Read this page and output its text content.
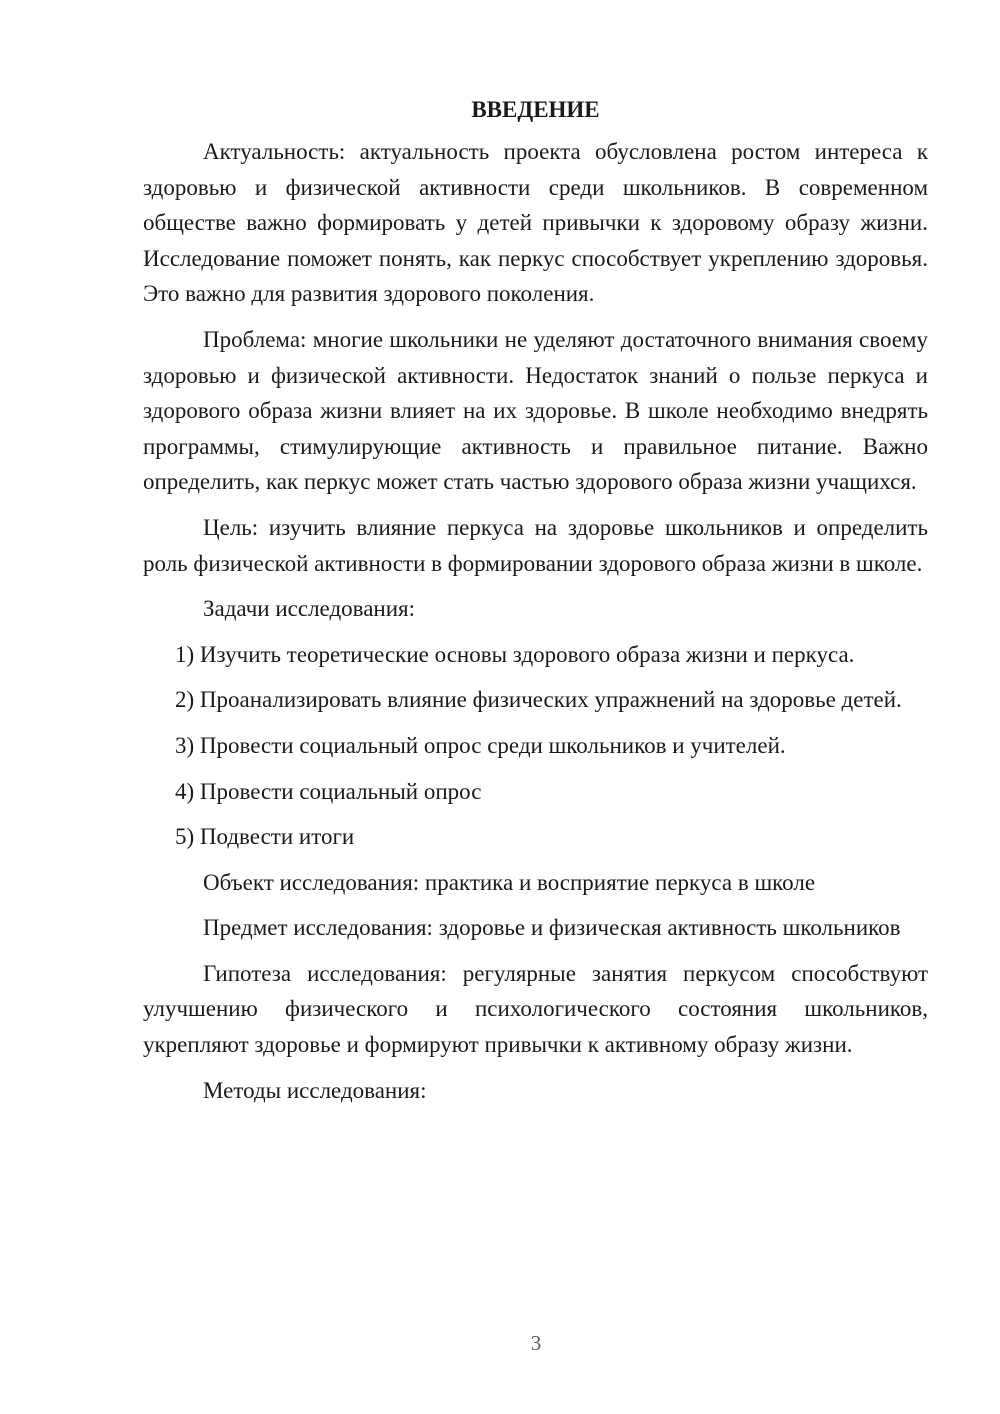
ВВЕДЕНИЕ

Актуальность: актуальность проекта обусловлена ростом интереса к здоровью и физической активности среди школьников. В современном обществе важно формировать у детей привычки к здоровому образу жизни. Исследование поможет понять, как перкус способствует укреплению здоровья. Это важно для развития здорового поколения.

Проблема: многие школьники не уделяют достаточного внимания своему здоровью и физической активности. Недостаток знаний о пользе перкуса и здорового образа жизни влияет на их здоровье. В школе необходимо внедрять программы, стимулирующие активность и правильное питание. Важно определить, как перкус может стать частью здорового образа жизни учащихся.

Цель: изучить влияние перкуса на здоровье школьников и определить роль физической активности в формировании здорового образа жизни в школе.

Задачи исследования:

1) Изучить теоретические основы здорового образа жизни и перкуса.

2) Проанализировать влияние физических упражнений на здоровье детей.

3) Провести социальный опрос среди школьников и учителей.

4) Провести социальный опрос

5) Подвести итоги

Объект исследования: практика и восприятие перкуса в школе

Предмет исследования: здоровье и физическая активность школьников

Гипотеза исследования: регулярные занятия перкусом способствуют улучшению физического и психологического состояния школьников, укрепляют здоровье и формируют привычки к активному образу жизни.

Методы исследования:

3
